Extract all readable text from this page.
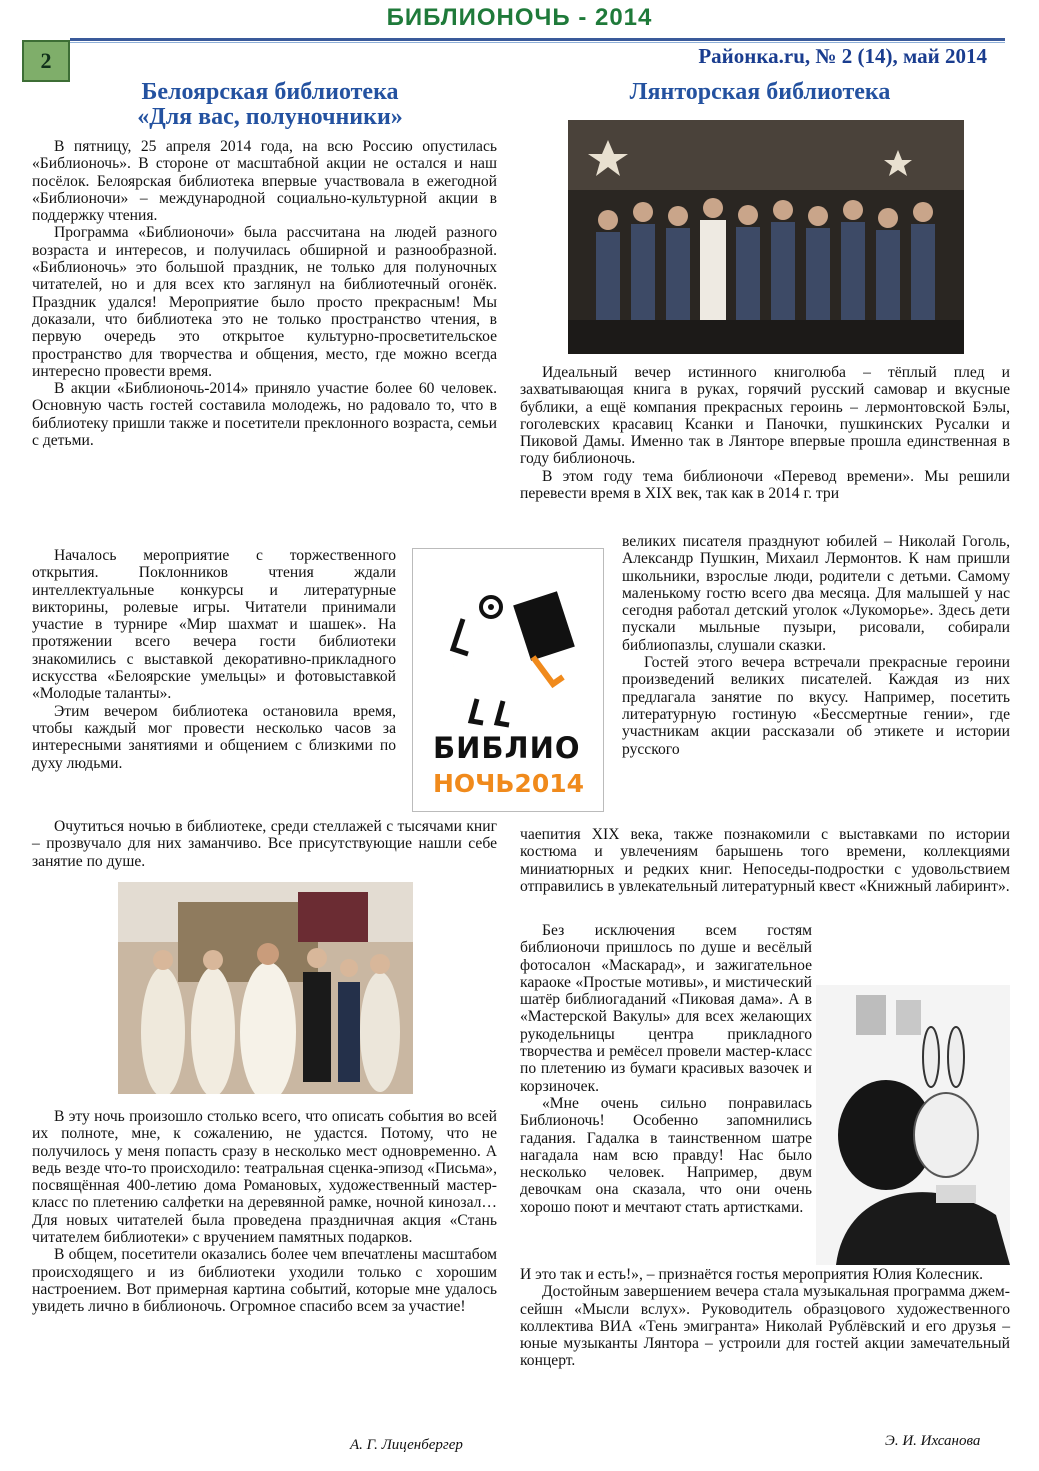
БИБЛИОНОЧЬ - 2014
2	Районка.ru, № 2 (14), май 2014
Белоярская библиотека
«Для вас, полуночники»

В пятницу, 25 апреля 2014 года, на всю Россию опустилась «Библионочь». В стороне от масштабной акции не остался и наш посёлок. Белоярская библиотека впервые участвовала в ежегодной «Библионочи» – международной социально-культурной акции в поддержку чтения.

Программа «Библионочи» была рассчитана на людей разного возраста и интересов, и получилась обширной и разнообразной. «Библионочь» это большой праздник, не только для полуночных читателей, но и для всех кто заглянул на библиотечный огонёк. Праздник удался! Мероприятие было просто прекрасным! Мы доказали, что библиотека это не только пространство чтения, в первую очередь это открытое культурно-просветительское пространство для творчества и общения, место, где можно всегда интересно провести время.

В акции «Библионочь-2014» приняло участие более 60 человек. Основную часть гостей составила молодежь, но радовало то, что в библиотеку пришли также и посетители преклонного возраста, семьи с детьми.

Началось мероприятие с торжественного открытия. Поклонников чтения ждали интеллектуальные конкурсы и литературные викторины, ролевые игры. Читатели принимали участие в турнире «Мир шахмат и шашек». На протяжении всего вечера гости библиотеки знакомились с выставкой декоративно-прикладного искусства «Белоярские умельцы» и фотовыставкой «Молодые таланты».

Этим вечером библиотека остановила время, чтобы каждый мог провести несколько часов за интересными занятиями и общением с близкими по духу людьми.

Очутиться ночью в библиотеке, среди стеллажей с тысячами книг – прозвучало для них заманчиво. Все присутствующие нашли себе занятие по душе.

БИБЛИО
НОЧЬ2014

В эту ночь произошло столько всего, что описать события во всей их полноте, мне, к сожалению, не удастся. Потому, что не получилось у меня попасть сразу в несколько мест одновременно. А ведь везде что-то происходило: театральная сценка-эпизод «Письма», посвящённая 400-летию дома Романовых, художественный мастер-класс по плетению салфетки на деревянной рамке, ночной кинозал… Для новых читателей была проведена праздничная акция «Стань читателем библиотеки» с вручением памятных подарков.

В общем, посетители оказались более чем впечатлены масштабом происходящего и из библиотеки уходили только с хорошим настроением. Вот примерная картина событий, которые мне удалось увидеть лично в библионочь. Огромное спасибо всем за участие!

А. Г. Лиценбергер
Лянторская библиотека

Идеальный вечер истинного книголюба – тёплый плед и захватывающая книга в руках, горячий русский самовар и вкусные бублики, а ещё компания прекрасных героинь – лермонтовской Бэлы, гоголевских красавиц Ксанки и Паночки, пушкинских Русалки и Пиковой Дамы. Именно так в Лянторе впервые прошла единственная в году библионочь.

В этом году тема библионочи «Перевод времени». Мы решили перевести время в XIX век, так как в 2014 г. три

великих писателя празднуют юбилей – Николай Гоголь, Александр Пушкин, Михаил Лермонтов. К нам пришли школьники, взрослые люди, родители с детьми. Самому маленькому гостю всего два месяца. Для малышей у нас сегодня работал детский уголок «Лукоморье». Здесь дети пускали мыльные пузыри, рисовали, собирали библиопазлы, слушали сказки.

Гостей этого вечера встречали прекрасные героини произведений великих писателей. Каждая из них предлагала занятие по вкусу. Например, посетить литературную гостиную «Бессмертные гении», где участникам акции рассказали об этикете и истории русского

чаепития XIX века, также познакомили с выставками по истории костюма и увлечениям барышень того времени, коллекциями миниатюрных и редких книг. Непоседы-подростки с удовольствием отправились в увлекательный литературный квест «Книжный лабиринт».

Без исключения всем гостям библионочи пришлось по душе и весёлый фотосалон «Маскарад», и зажигательное караоке «Простые мотивы», и мистический шатёр библиогаданий «Пиковая дама». А в «Мастерской Вакулы» для всех желающих рукодельницы центра прикладного творчества и ремёсел провели мастер-класс по плетению из бумаги красивых вазочек и корзиночек.

«Мне очень сильно понравилась Библионочь! Особенно запомнились гадания. Гадалка в таинственном шатре нагадала нам всю правду! Нас было несколько человек. Например, двум девочкам она сказала, что они очень хорошо поют и мечтают стать артистками.

И это так и есть!», – признаётся гостья мероприятия Юлия Колесник.

Достойным завершением вечера стала музыкальная программа джем-сейшн «Мысли вслух». Руководитель образцового художественного коллектива ВИА «Тень эмигранта» Николай Рублёвский и его друзья – юные музыканты Лянтора – устроили для гостей акции замечательный концерт.

Э. И. Ихсанова
